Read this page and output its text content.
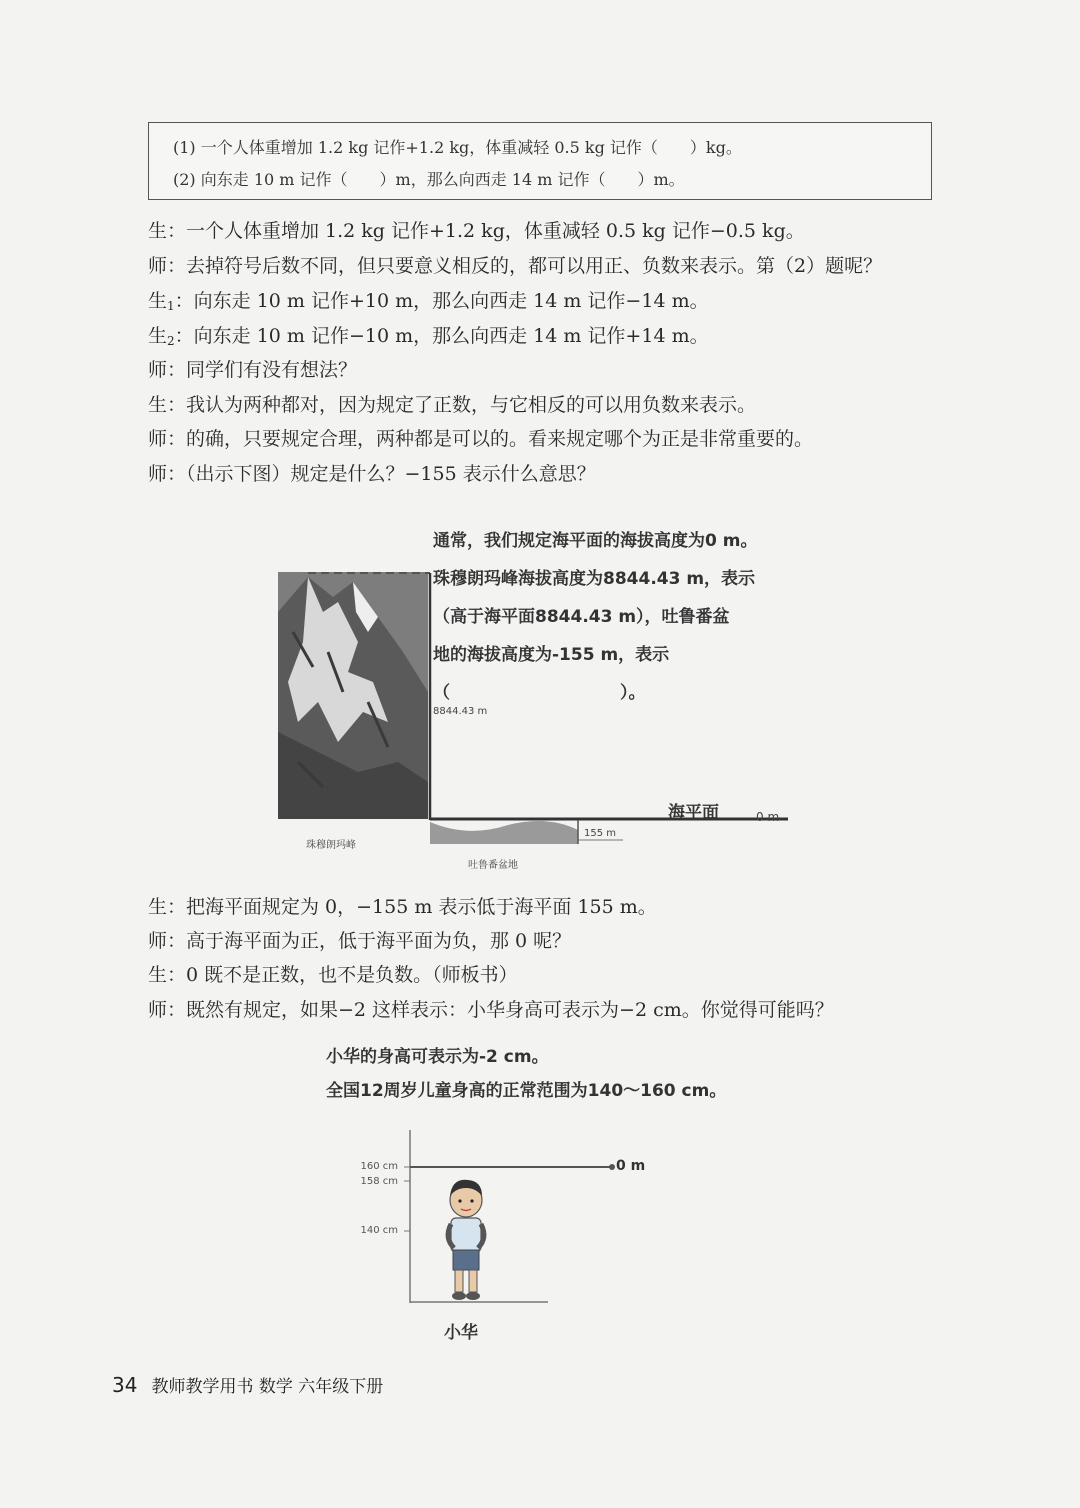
(1) 一个人体重增加 1.2 kg 记作+1.2 kg，体重减轻 0.5 kg 记作（　　）kg。
(2) 向东走 10 m 记作（　　）m，那么向西走 14 m 记作（　　）m。
生：一个人体重增加 1.2 kg 记作+1.2 kg，体重减轻 0.5 kg 记作−0.5 kg。
师：去掉符号后数不同，但只要意义相反的，都可以用正、负数来表示。第（2）题呢？
生$_1$：向东走 10 m 记作+10 m，那么向西走 14 m 记作−14 m。
生$_2$：向东走 10 m 记作−10 m，那么向西走 14 m 记作+14 m。
师：同学们有没有想法？
生：我认为两种都对，因为规定了正数，与它相反的可以用负数来表示。
师：的确，只要规定合理，两种都是可以的。看来规定哪个为正是非常重要的。
师：（出示下图）规定是什么？−155 表示什么意思？
通常，我们规定海平面的海拔高度为0 m。
珠穆朗玛峰海拔高度为8844.43 m，表示
（高于海平面8844.43 m），吐鲁番盆
地的海拔高度为-155 m，表示
（　　　　　　　　　　）。
8844.43 m
海平面	0 m
155 m
珠穆朗玛峰
吐鲁番盆地
生：把海平面规定为 0，−155 m 表示低于海平面 155 m。
师：高于海平面为正，低于海平面为负，那 0 呢？
生：0 既不是正数，也不是负数。（师板书）
师：既然有规定，如果−2 这样表示：小华身高可表示为−2 cm。你觉得可能吗？
小华的身高可表示为-2 cm。
全国12周岁儿童身高的正常范围为140～160 cm。
160 cm
158 cm
140 cm
0 m
小华
34 教师教学用书 数学 六年级下册
